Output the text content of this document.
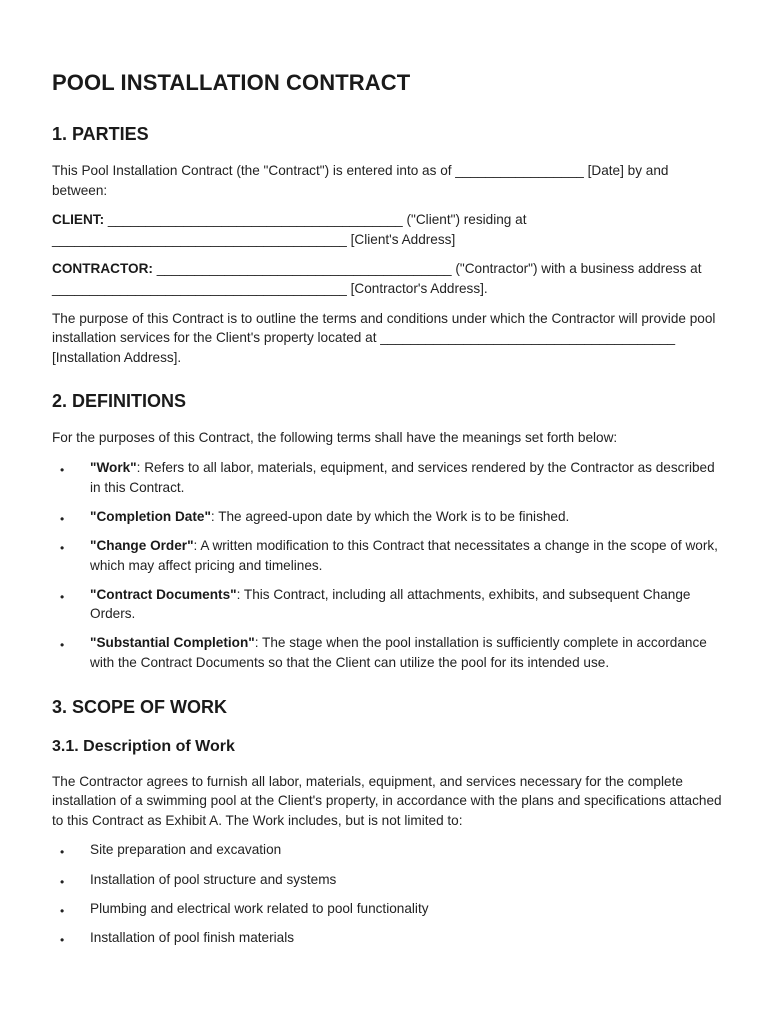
POOL INSTALLATION CONTRACT
1. PARTIES

This Pool Installation Contract (the "Contract") is entered into as of _________________ [Date] by and between:

CLIENT: _______________________________________ ("Client") residing at _______________________________________ [Client's Address]

CONTRACTOR: _______________________________________ ("Contractor") with a business address at _______________________________________ [Contractor's Address].

The purpose of this Contract is to outline the terms and conditions under which the Contractor will provide pool installation services for the Client's property located at _______________________________________ [Installation Address].

2. DEFINITIONS

For the purposes of this Contract, the following terms shall have the meanings set forth below:

• "Work": Refers to all labor, materials, equipment, and services rendered by the Contractor as described in this Contract.
• "Completion Date": The agreed-upon date by which the Work is to be finished.
• "Change Order": A written modification to this Contract that necessitates a change in the scope of work, which may affect pricing and timelines.
• "Contract Documents": This Contract, including all attachments, exhibits, and subsequent Change Orders.
• "Substantial Completion": The stage when the pool installation is sufficiently complete in accordance with the Contract Documents so that the Client can utilize the pool for its intended use.
3. SCOPE OF WORK
3.1. Description of Work

The Contractor agrees to furnish all labor, materials, equipment, and services necessary for the complete installation of a swimming pool at the Client's property, in accordance with the plans and specifications attached to this Contract as Exhibit A. The Work includes, but is not limited to:

• Site preparation and excavation
• Installation of pool structure and systems
• Plumbing and electrical work related to pool functionality
• Installation of pool finish materials
